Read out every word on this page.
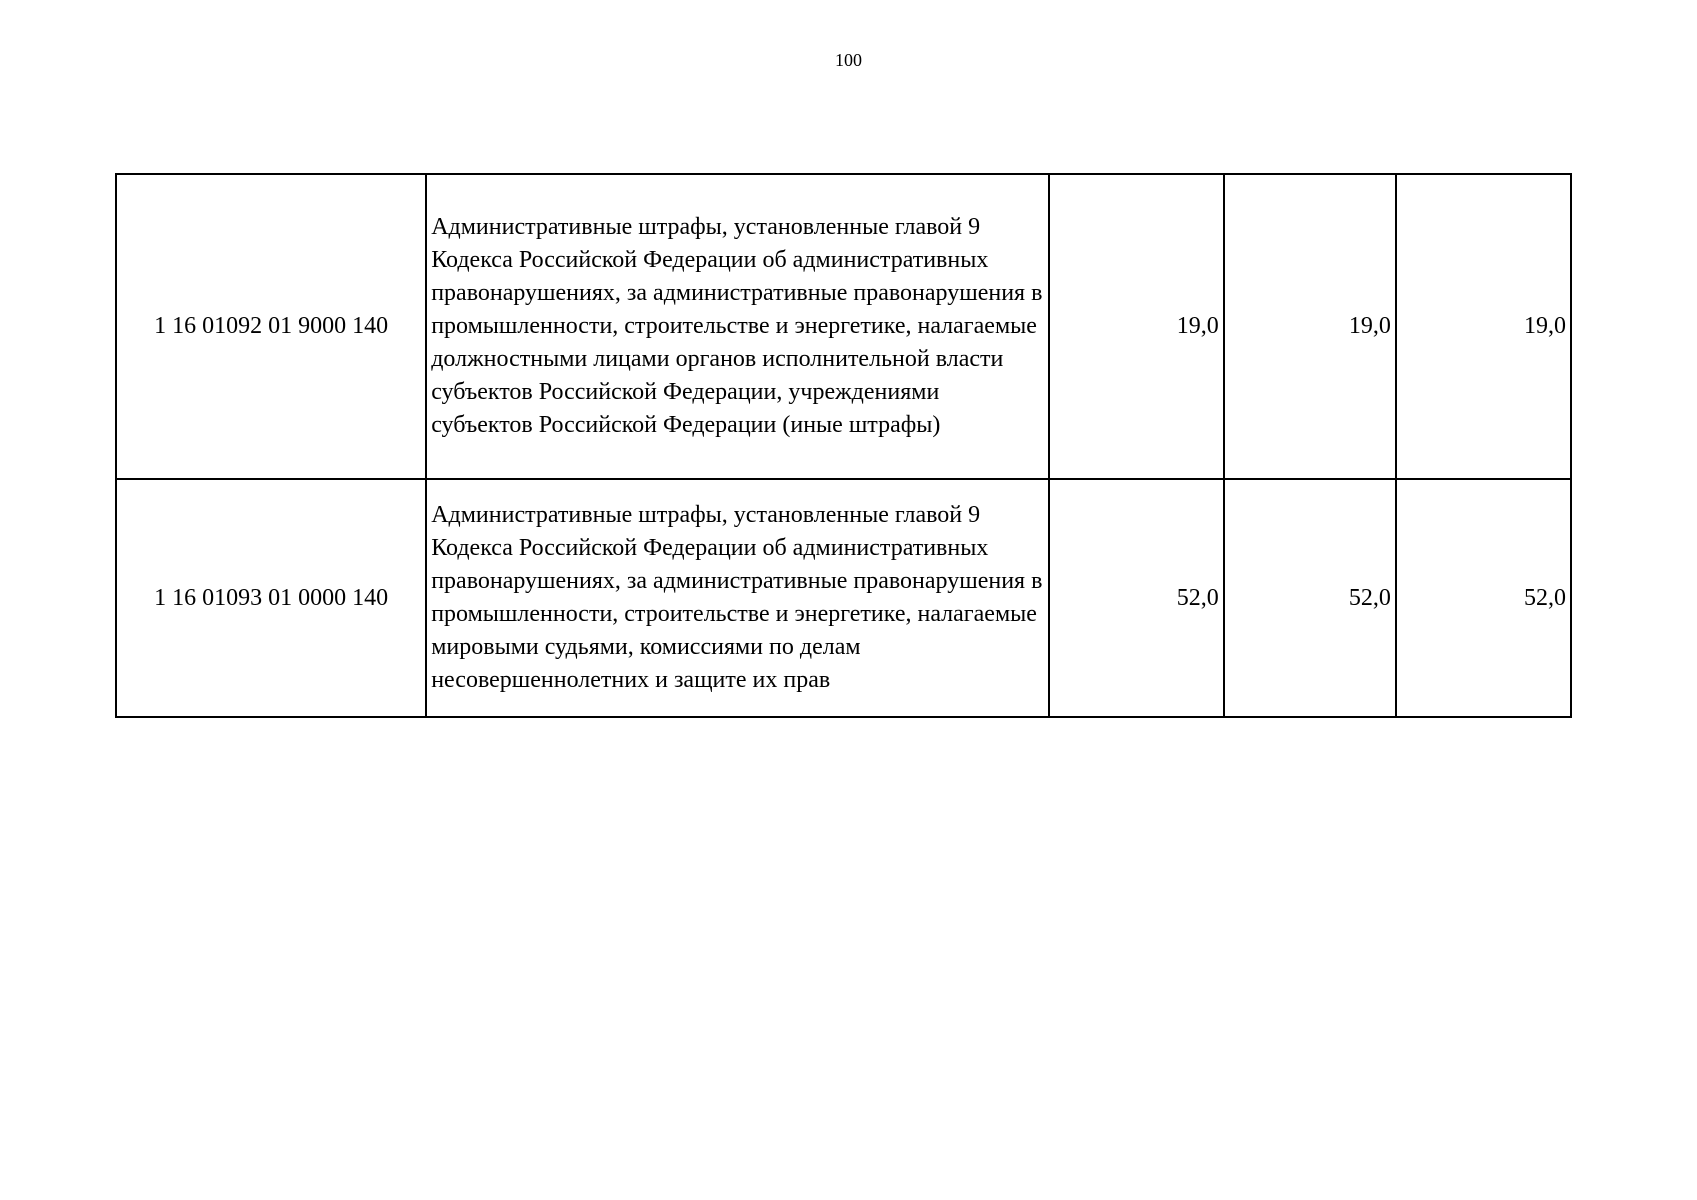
100
1 16 01092 01 9000 140	Административные штрафы, установленные главой 9 Кодекса Российской Федерации об административных правонарушениях, за административные правонарушения в промышленности, строительстве и энергетике, налагаемые должностными лицами органов исполнительной власти субъектов Российской Федерации, учреждениями субъектов Российской Федерации (иные штрафы)	19,0	19,0	19,0
1 16 01093 01 0000 140	Административные штрафы, установленные главой 9 Кодекса Российской Федерации об административных правонарушениях, за административные правонарушения в промышленности, строительстве и энергетике, налагаемые мировыми судьями, комиссиями по делам несовершеннолетних и защите их прав	52,0	52,0	52,0
